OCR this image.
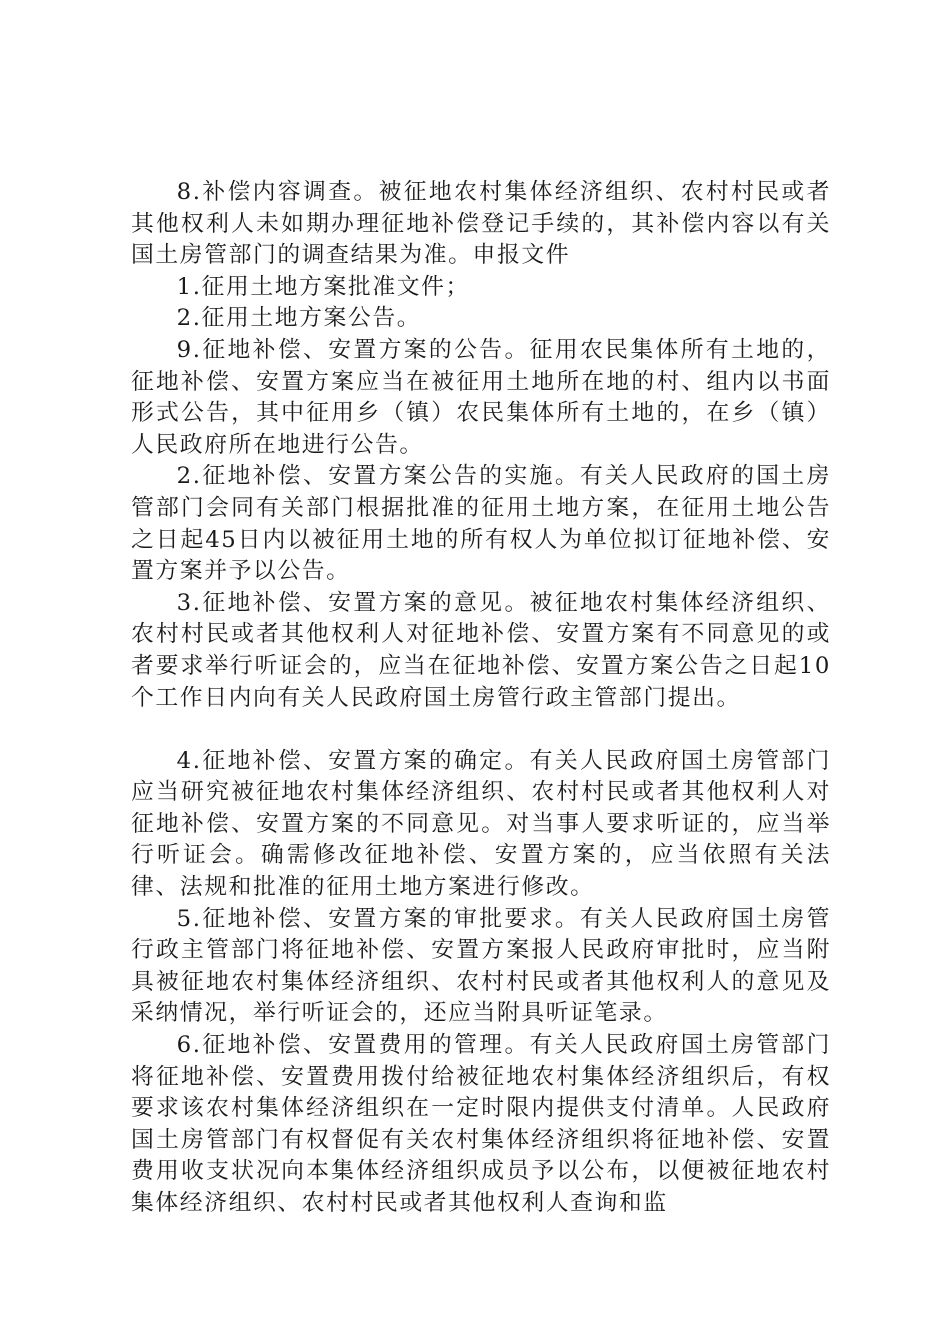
8.补偿内容调查。被征地农村集体经济组织、农村村民或者其他权利人未如期办理征地补偿登记手续的，其补偿内容以有关国土房管部门的调查结果为准。申报文件

1.征用土地方案批准文件；

2.征用土地方案公告。

9.征地补偿、安置方案的公告。征用农民集体所有土地的，征地补偿、安置方案应当在被征用土地所在地的村、组内以书面形式公告，其中征用乡（镇）农民集体所有土地的，在乡（镇）人民政府所在地进行公告。

2.征地补偿、安置方案公告的实施。有关人民政府的国土房管部门会同有关部门根据批准的征用土地方案，在征用土地公告之日起45日内以被征用土地的所有权人为单位拟订征地补偿、安置方案并予以公告。

3.征地补偿、安置方案的意见。被征地农村集体经济组织、农村村民或者其他权利人对征地补偿、安置方案有不同意见的或者要求举行听证会的，应当在征地补偿、安置方案公告之日起10个工作日内向有关人民政府国土房管行政主管部门提出。

4.征地补偿、安置方案的确定。有关人民政府国土房管部门应当研究被征地农村集体经济组织、农村村民或者其他权利人对征地补偿、安置方案的不同意见。对当事人要求听证的，应当举行听证会。确需修改征地补偿、安置方案的，应当依照有关法律、法规和批准的征用土地方案进行修改。

5.征地补偿、安置方案的审批要求。有关人民政府国土房管行政主管部门将征地补偿、安置方案报人民政府审批时，应当附具被征地农村集体经济组织、农村村民或者其他权利人的意见及采纳情况，举行听证会的，还应当附具听证笔录。

6.征地补偿、安置费用的管理。有关人民政府国土房管部门将征地补偿、安置费用拨付给被征地农村集体经济组织后，有权要求该农村集体经济组织在一定时限内提供支付清单。人民政府国土房管部门有权督促有关农村集体经济组织将征地补偿、安置费用收支状况向本集体经济组织成员予以公布，以便被征地农村集体经济组织、农村村民或者其他权利人查询和监
